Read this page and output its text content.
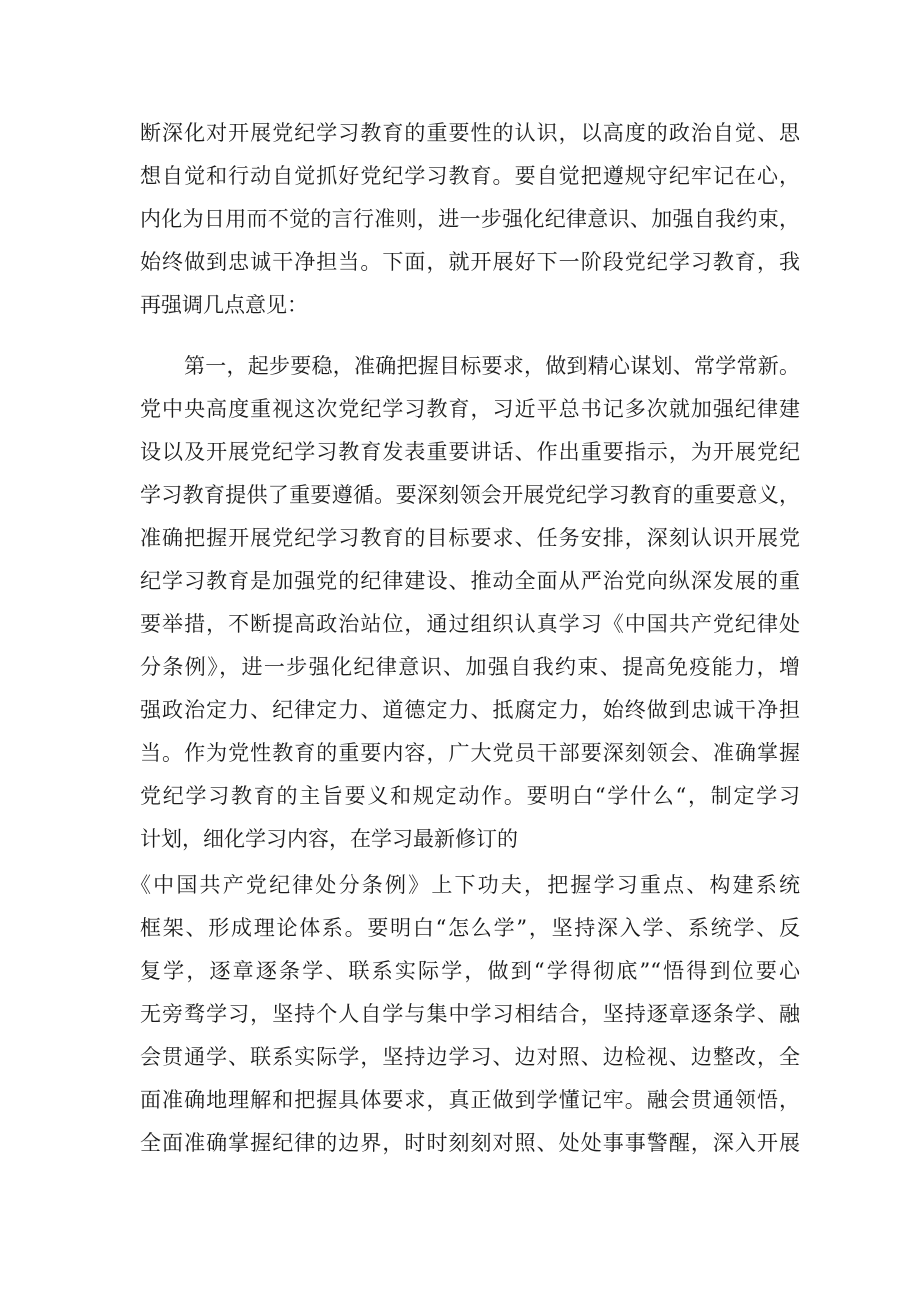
断深化对开展党纪学习教育的重要性的认识，以高度的政治自觉、思
想自觉和行动自觉抓好党纪学习教育。要自觉把遵规守纪牢记在心，
内化为日用而不觉的言行准则，进一步强化纪律意识、加强自我约束，
始终做到忠诚干净担当。下面，就开展好下一阶段党纪学习教育，我
再强调几点意见：
第一，起步要稳，准确把握目标要求，做到精心谋划、常学常新。
党中央高度重视这次党纪学习教育，习近平总书记多次就加强纪律建
设以及开展党纪学习教育发表重要讲话、作出重要指示，为开展党纪
学习教育提供了重要遵循。要深刻领会开展党纪学习教育的重要意义，
准确把握开展党纪学习教育的目标要求、任务安排，深刻认识开展党
纪学习教育是加强党的纪律建设、推动全面从严治党向纵深发展的重
要举措，不断提高政治站位，通过组织认真学习《中国共产党纪律处
分条例》，进一步强化纪律意识、加强自我约束、提高免疫能力，增
强政治定力、纪律定力、道德定力、抵腐定力，始终做到忠诚干净担
当。作为党性教育的重要内容，广大党员干部要深刻领会、准确掌握
党纪学习教育的主旨要义和规定动作。要明白“学什么“，制定学习
计划，细化学习内容，在学习最新修订的
《中国共产党纪律处分条例》上下功夫，把握学习重点、构建系统
框架、形成理论体系。要明白“怎么学”，坚持深入学、系统学、反
复学，逐章逐条学、联系实际学，做到“学得彻底”“悟得到位要心
无旁骛学习，坚持个人自学与集中学习相结合，坚持逐章逐条学、融
会贯通学、联系实际学，坚持边学习、边对照、边检视、边整改，全
面准确地理解和把握具体要求，真正做到学懂记牢。融会贯通领悟，
全面准确掌握纪律的边界，时时刻刻对照、处处事事警醒，深入开展
